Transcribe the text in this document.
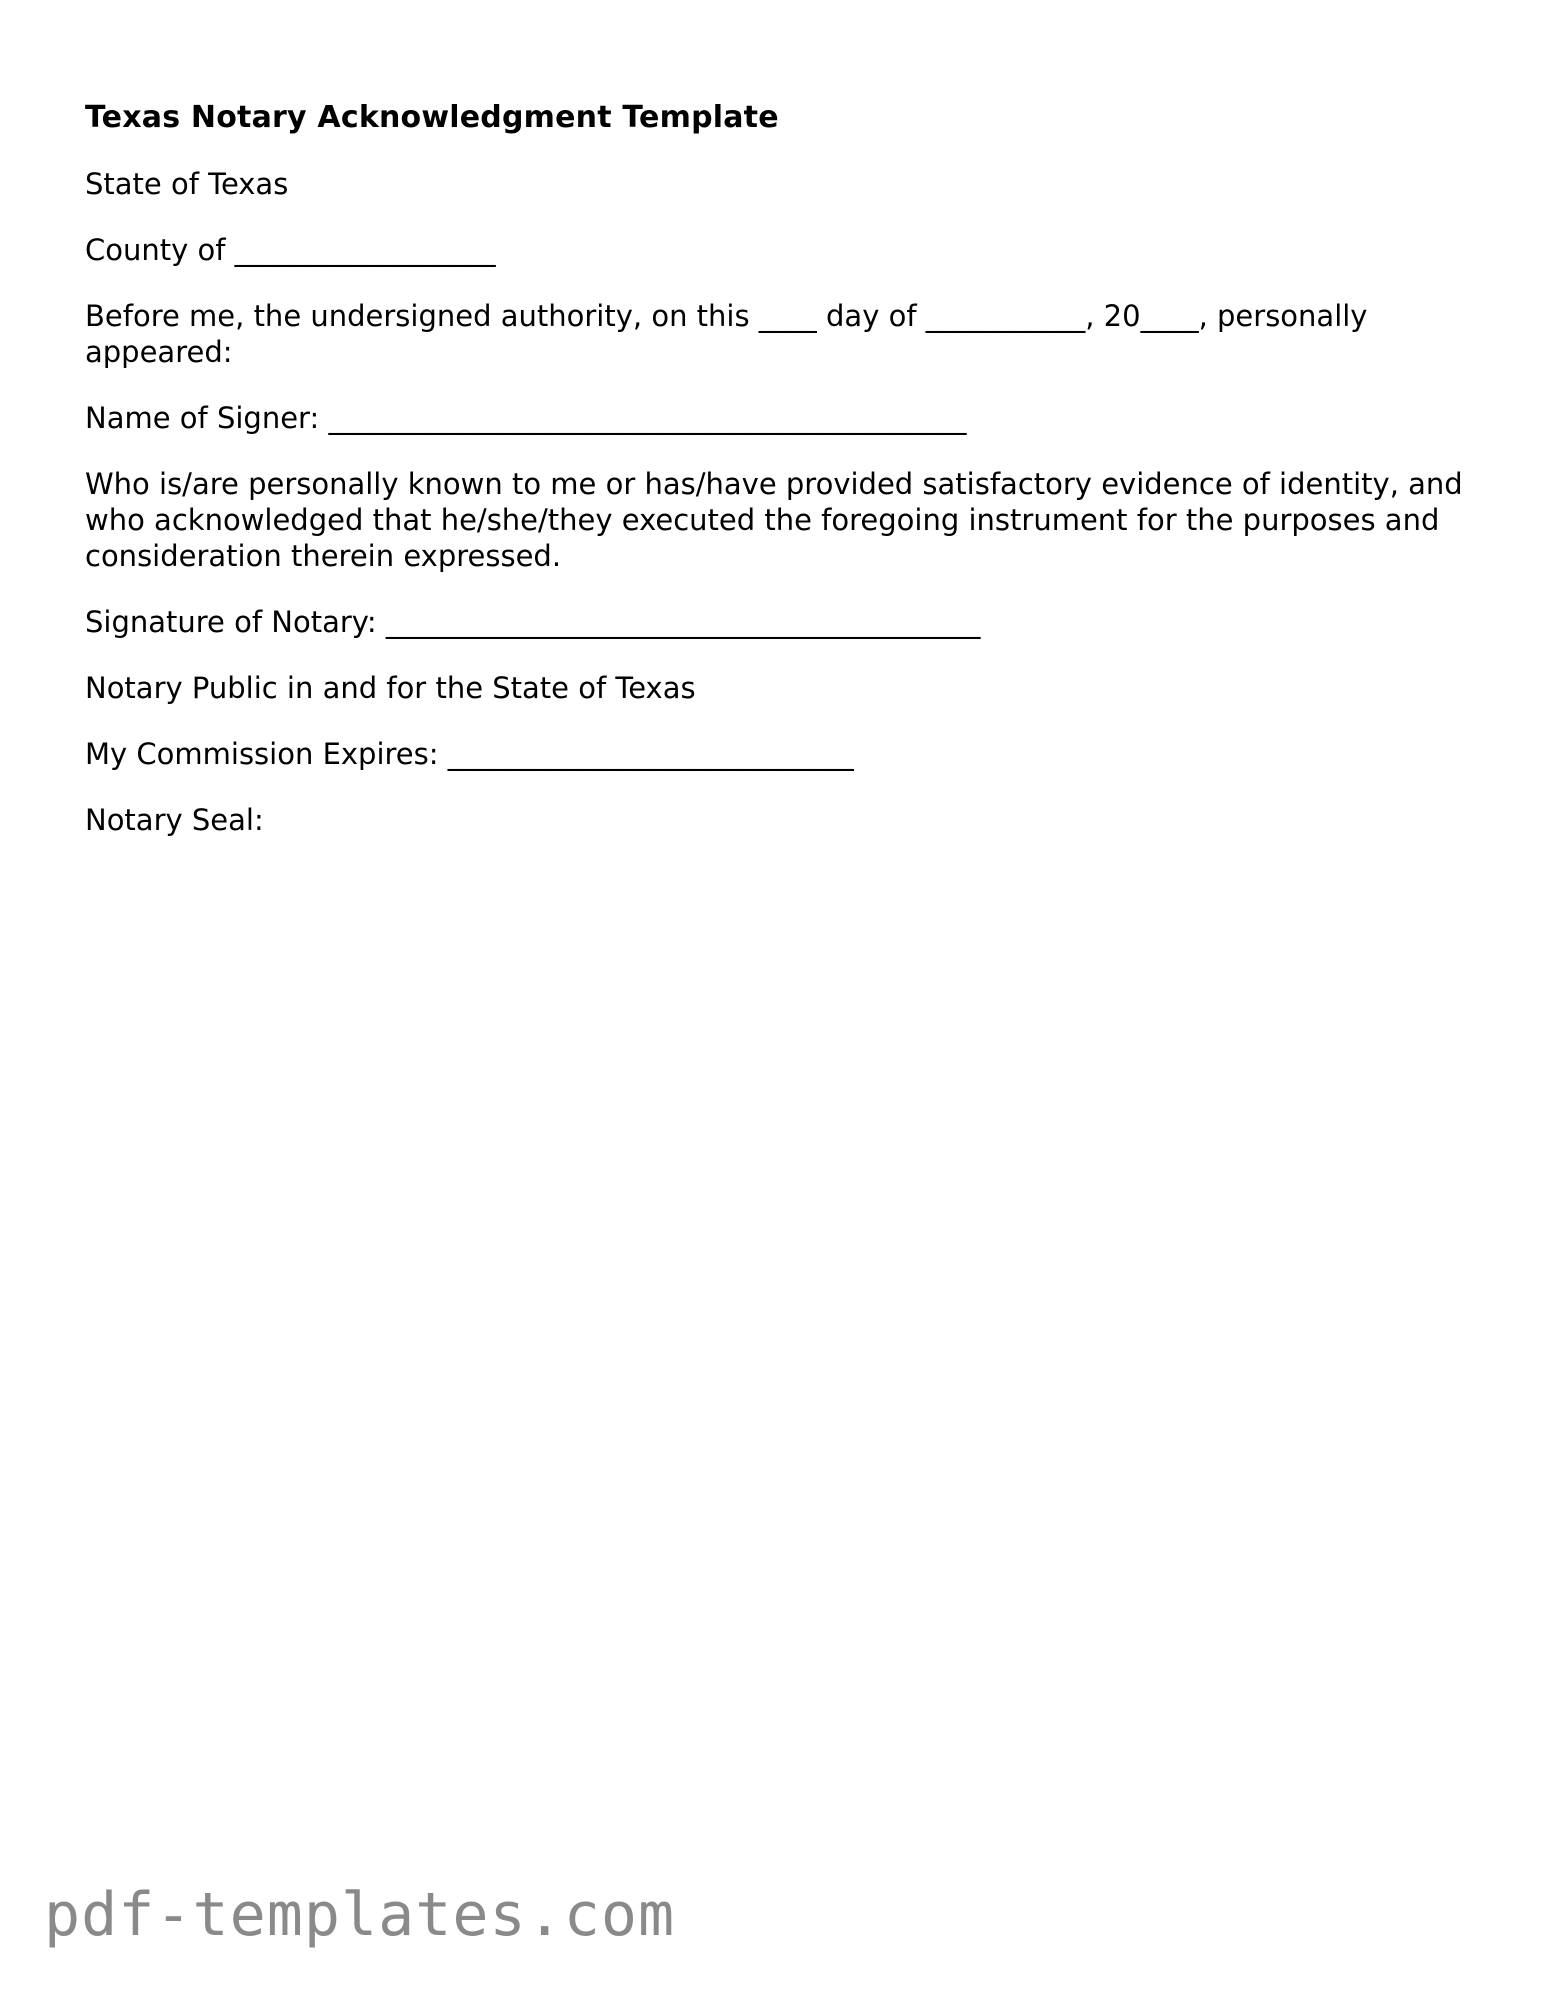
Texas Notary Acknowledgment Template
State of Texas
County of __________________
Before me, the undersigned authority, on this ____ day of ___________, 20____, personally appeared:
Name of Signer: ____________________________________________
Who is/are personally known to me or has/have provided satisfactory evidence of identity, and who acknowledged that he/she/they executed the foregoing instrument for the purposes and consideration therein expressed.
Signature of Notary: _________________________________________
Notary Public in and for the State of Texas
My Commission Expires: ____________________________
Notary Seal:
pdf-templates.com
